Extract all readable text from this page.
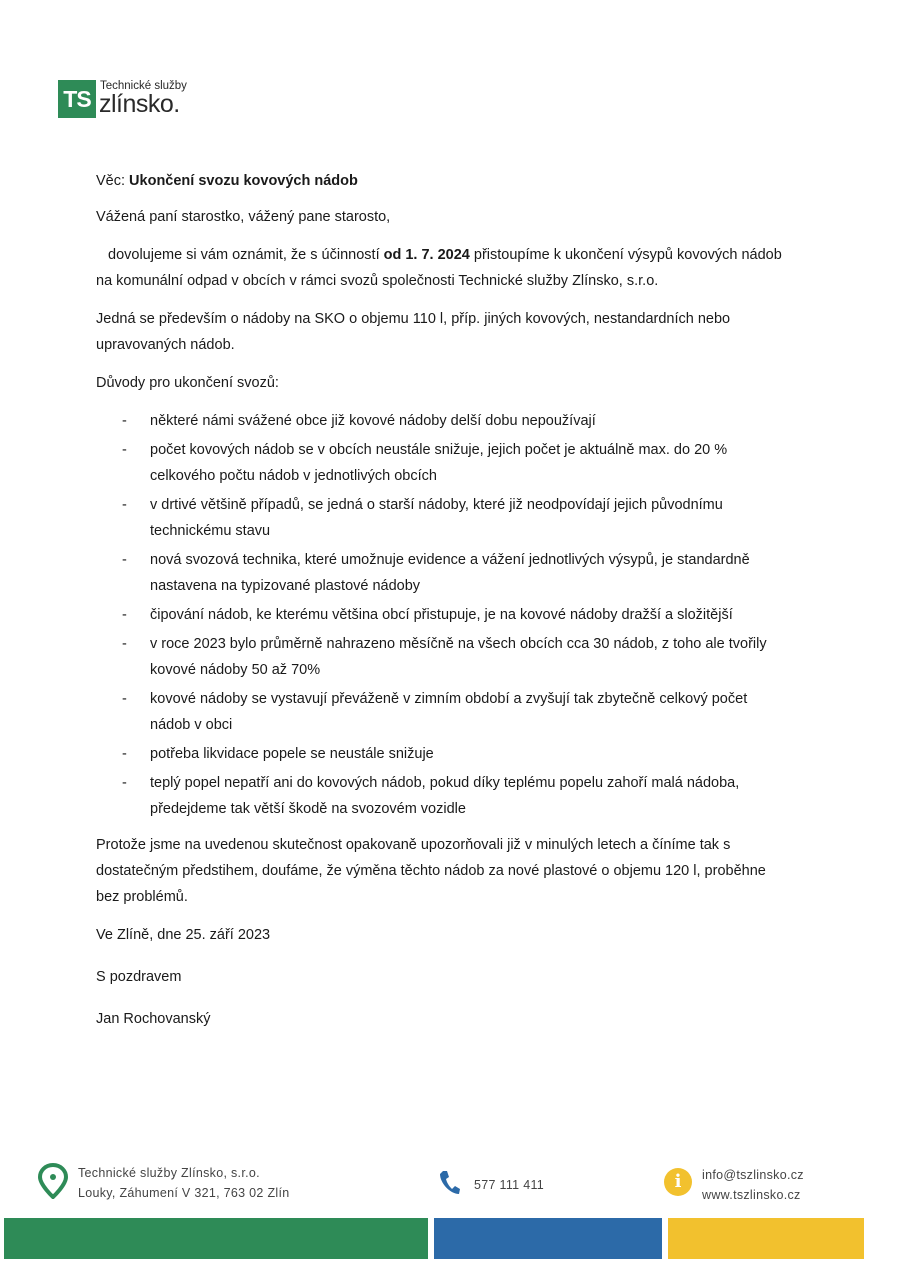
TS Technické služby
zlínsko.

Věc: Ukončení svozu kovových nádob

Vážená paní starostko, vážený pane starosto,

dovolujeme si vám oznámit, že s účinností od 1. 7. 2024 přistoupíme k ukončení výsypů kovových nádob na komunální odpad v obcích v rámci svozů společnosti Technické služby Zlínsko, s.r.o.

Jedná se především o nádoby na SKO o objemu 110 l, příp. jiných kovových, nestandardních nebo upravovaných nádob.

Důvody pro ukončení svozů:

- některé námi svážené obce již kovové nádoby delší dobu nepoužívají
- počet kovových nádob se v obcích neustále snižuje, jejich počet je aktuálně max. do 20 % celkového počtu nádob v jednotlivých obcích
- v drtivé většině případů, se jedná o starší nádoby, které již neodpovídají jejich původnímu technickému stavu
- nová svozová technika, které umožnuje evidence a vážení jednotlivých výsypů, je standardně nastavena na typizované plastové nádoby
- čipování nádob, ke kterému většina obcí přistupuje, je na kovové nádoby dražší a složitější
- v roce 2023 bylo průměrně nahrazeno měsíčně na všech obcích cca 30 nádob, z toho ale tvořily kovové nádoby 50 až 70%
- kovové nádoby se vystavují převáženě v zimním období a zvyšují tak zbytečně celkový počet nádob v obci
- potřeba likvidace popele se neustále snižuje
- teplý popel nepatří ani do kovových nádob, pokud díky teplému popelu zahoří malá nádoba, předejdeme tak větší škodě na svozovém vozidle

Protože jsme na uvedenou skutečnost opakovaně upozorňovali již v minulých letech a číníme tak s dostatečným předstihem, doufáme, že výměna těchto nádob za nové plastové o objemu 120 l, proběhne bez problémů.

Ve Zlíně, dne 25. září 2023

S pozdravem

Jan Rochovanský

Technické služby Zlínsko, s.r.o.
Louky, Záhumení V 321, 763 02 Zlín
577 111 411	i	info@tszlinsko.cz
www.tszlinsko.cz
